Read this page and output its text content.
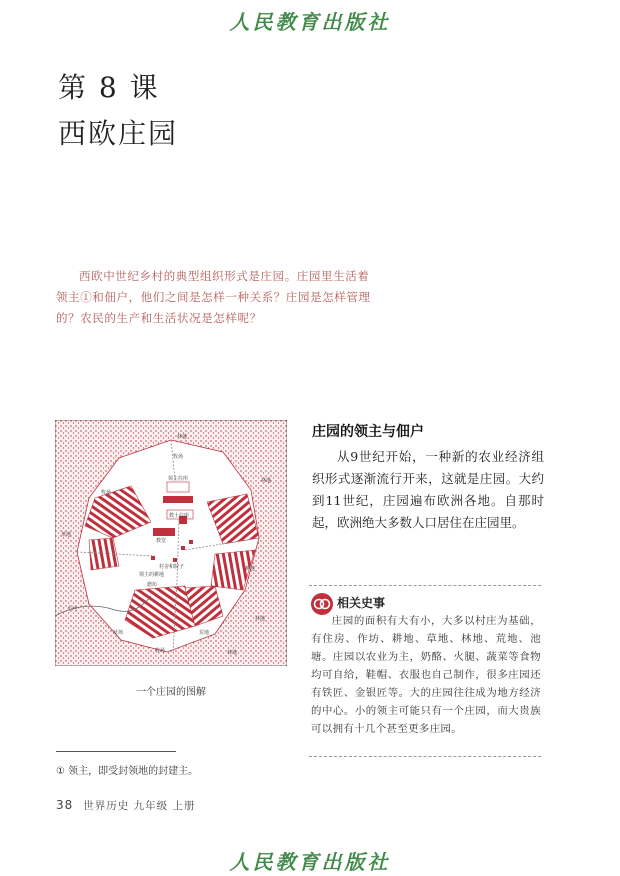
人民教育出版社
第 8 课
西欧庄园
西欧中世纪乡村的典型组织形式是庄园。庄园里生活着领主①和佃户，他们之间是怎样一种关系？庄园是怎样管理的？农民的生产和生活状况是怎样呢？
林地
牧场
领主住所
教士住所
教堂
牧场
林地
草地
村舍和院子
领主的耕地
磨坊
小河
耕地
草场	荒地
牧场	林地
林地
一个庄园的图解
庄园的领主与佃户
从9世纪开始，一种新的农业经济组织形式逐渐流行开来，这就是庄园。大约到11世纪，庄园遍布欧洲各地。自那时起，欧洲绝大多数人口居住在庄园里。
相关史事
庄园的面积有大有小，大多以村庄为基础，有住房、作坊、耕地、草地、林地、荒地、池塘。庄园以农业为主，奶酪、火腿、蔬菜等食物均可自给，鞋帽、衣服也自己制作，很多庄园还有铁匠、金银匠等。大的庄园往往成为地方经济的中心。小的领主可能只有一个庄园，而大贵族可以拥有十几个甚至更多庄园。
① 领主，即受封领地的封建主。
38 世界历史 九年级 上册
人民教育出版社
